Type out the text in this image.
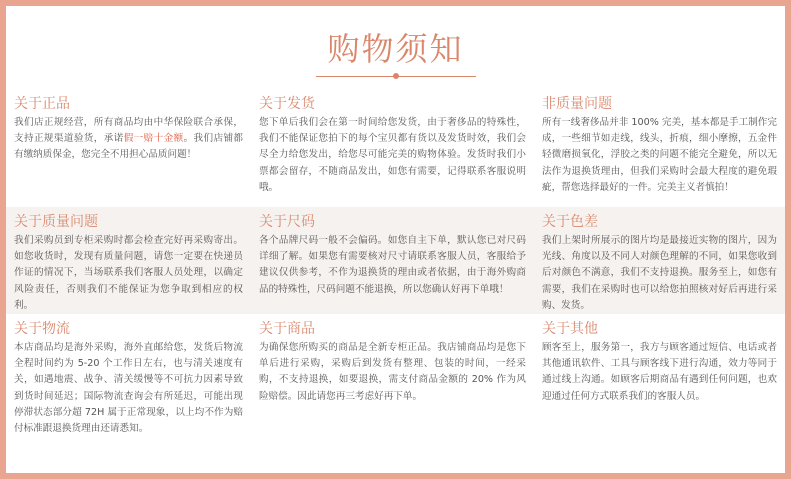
购物须知
关于正品
我们店正规经营，所有商品均由中华保险联合承保，支持正规渠道验货，承诺假一赔十金额。我们店铺都有缴纳质保金，您完全不用担心品质问题！
关于发货
您下单后我们会在第一时间给您发货，由于奢侈品的特殊性，我们不能保证您拍下的每个宝贝都有货以及发货时效，我们会尽全力给您发出，给您尽可能完美的购物体验。发货时我们小票都会留存，不随商品发出，如您有需要，记得联系客服说明哦。
非质量问题
所有一线奢侈品并非 100% 完美，基本都是手工制作完成，一些细节如走线，线头，折痕，细小摩擦，五金件轻微磨损氧化，浮胶之类的问题不能完全避免，所以无法作为退换货理由，但我们采购时会最大程度的避免瑕疵，帮您选择最好的一件。完美主义者慎拍！
关于质量问题
我们采购员到专柜采购时都会检查完好再采购寄出。如您收货时，发现有质量问题，请您一定要在快递员作证的情况下，当场联系我们客服人员处理，以确定风险责任，否则我们不能保证为您争取到相应的权利。
关于尺码
各个品牌尺码一般不会偏码。如您自主下单，默认您已对尺码详细了解。如果您有需要核对尺寸请联系客服人员，客服给予建议仅供参考，不作为退换货的理由或者依据，由于海外购商品的特殊性，尺码问题不能退换，所以您确认好再下单哦！
关于色差
我们上架时所展示的图片均是最接近实物的图片，因为光线、角度以及不同人对颜色理解的不同，如果您收到后对颜色不满意，我们不支持退换。服务至上，如您有需要，我们在采购时也可以给您拍照核对好后再进行采购、发货。
关于物流
本店商品均是海外采购，海外直邮给您，发货后物流全程时间约为 5-20 个工作日左右，也与清关速度有关，如遇地震、战争、清关缓慢等不可抗力因素导致到货时间延迟；国际物流查询会有所延迟，可能出现停滞状态部分超 72H 属于正常现象，以上均不作为赔付标准跟退换货理由还请悉知。
关于商品
为确保您所购买的商品是全新专柜正品。我店铺商品均是您下单后进行采购，采购后到发货有整理、包装的时间，一经采购，不支持退换，如要退换，需支付商品金额的 20% 作为风险赔偿。因此请您再三考虑好再下单。
关于其他
顾客至上，服务第一，我方与顾客通过短信、电话或者其他通讯软件、工具与顾客线下进行沟通，效力等同于通过线上沟通。如顾客后期商品有遇到任何问题，也欢迎通过任何方式联系我们的客服人员。
